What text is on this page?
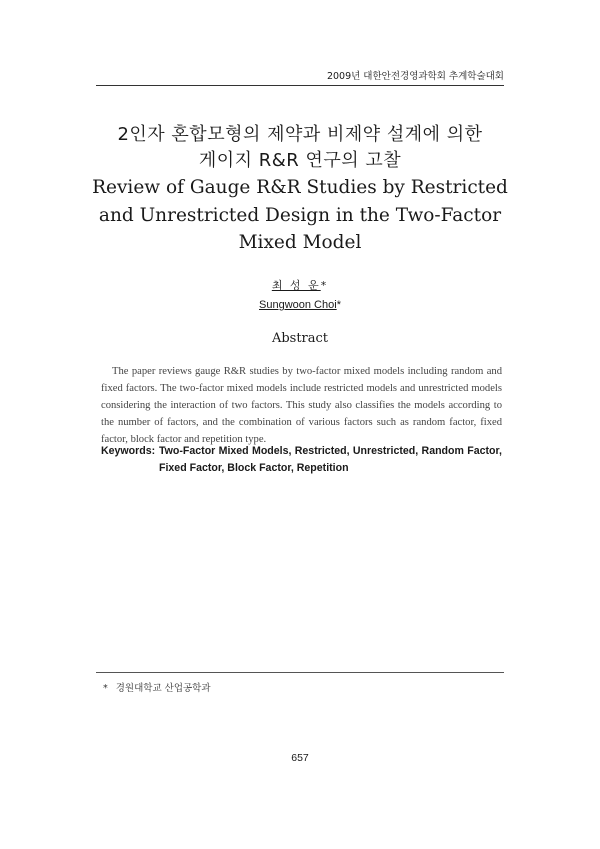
2009년 대한안전경영과학회 추계학술대회

2인자 혼합모형의 제약과 비제약 설계에 의한

게이지 R&R 연구의 고찰

Review of Gauge R&R Studies by Restricted

and Unrestricted Design in the Two-Factor

Mixed Model

최 성 운*
Sungwoon Choi*
Abstract

The paper reviews gauge R&R studies by two-factor mixed models including random and fixed factors. The two-factor mixed models include restricted models and unrestricted models considering the interaction of two factors. This study also classifies the models according to the number of factors, and the combination of various factors such as random factor, fixed factor, block factor and repetition type.

Keywords: Two-Factor Mixed Models, Restricted, Unrestricted, Random Factor, Fixed Factor, Block Factor, Repetition
* 경원대학교 산업공학과
657
